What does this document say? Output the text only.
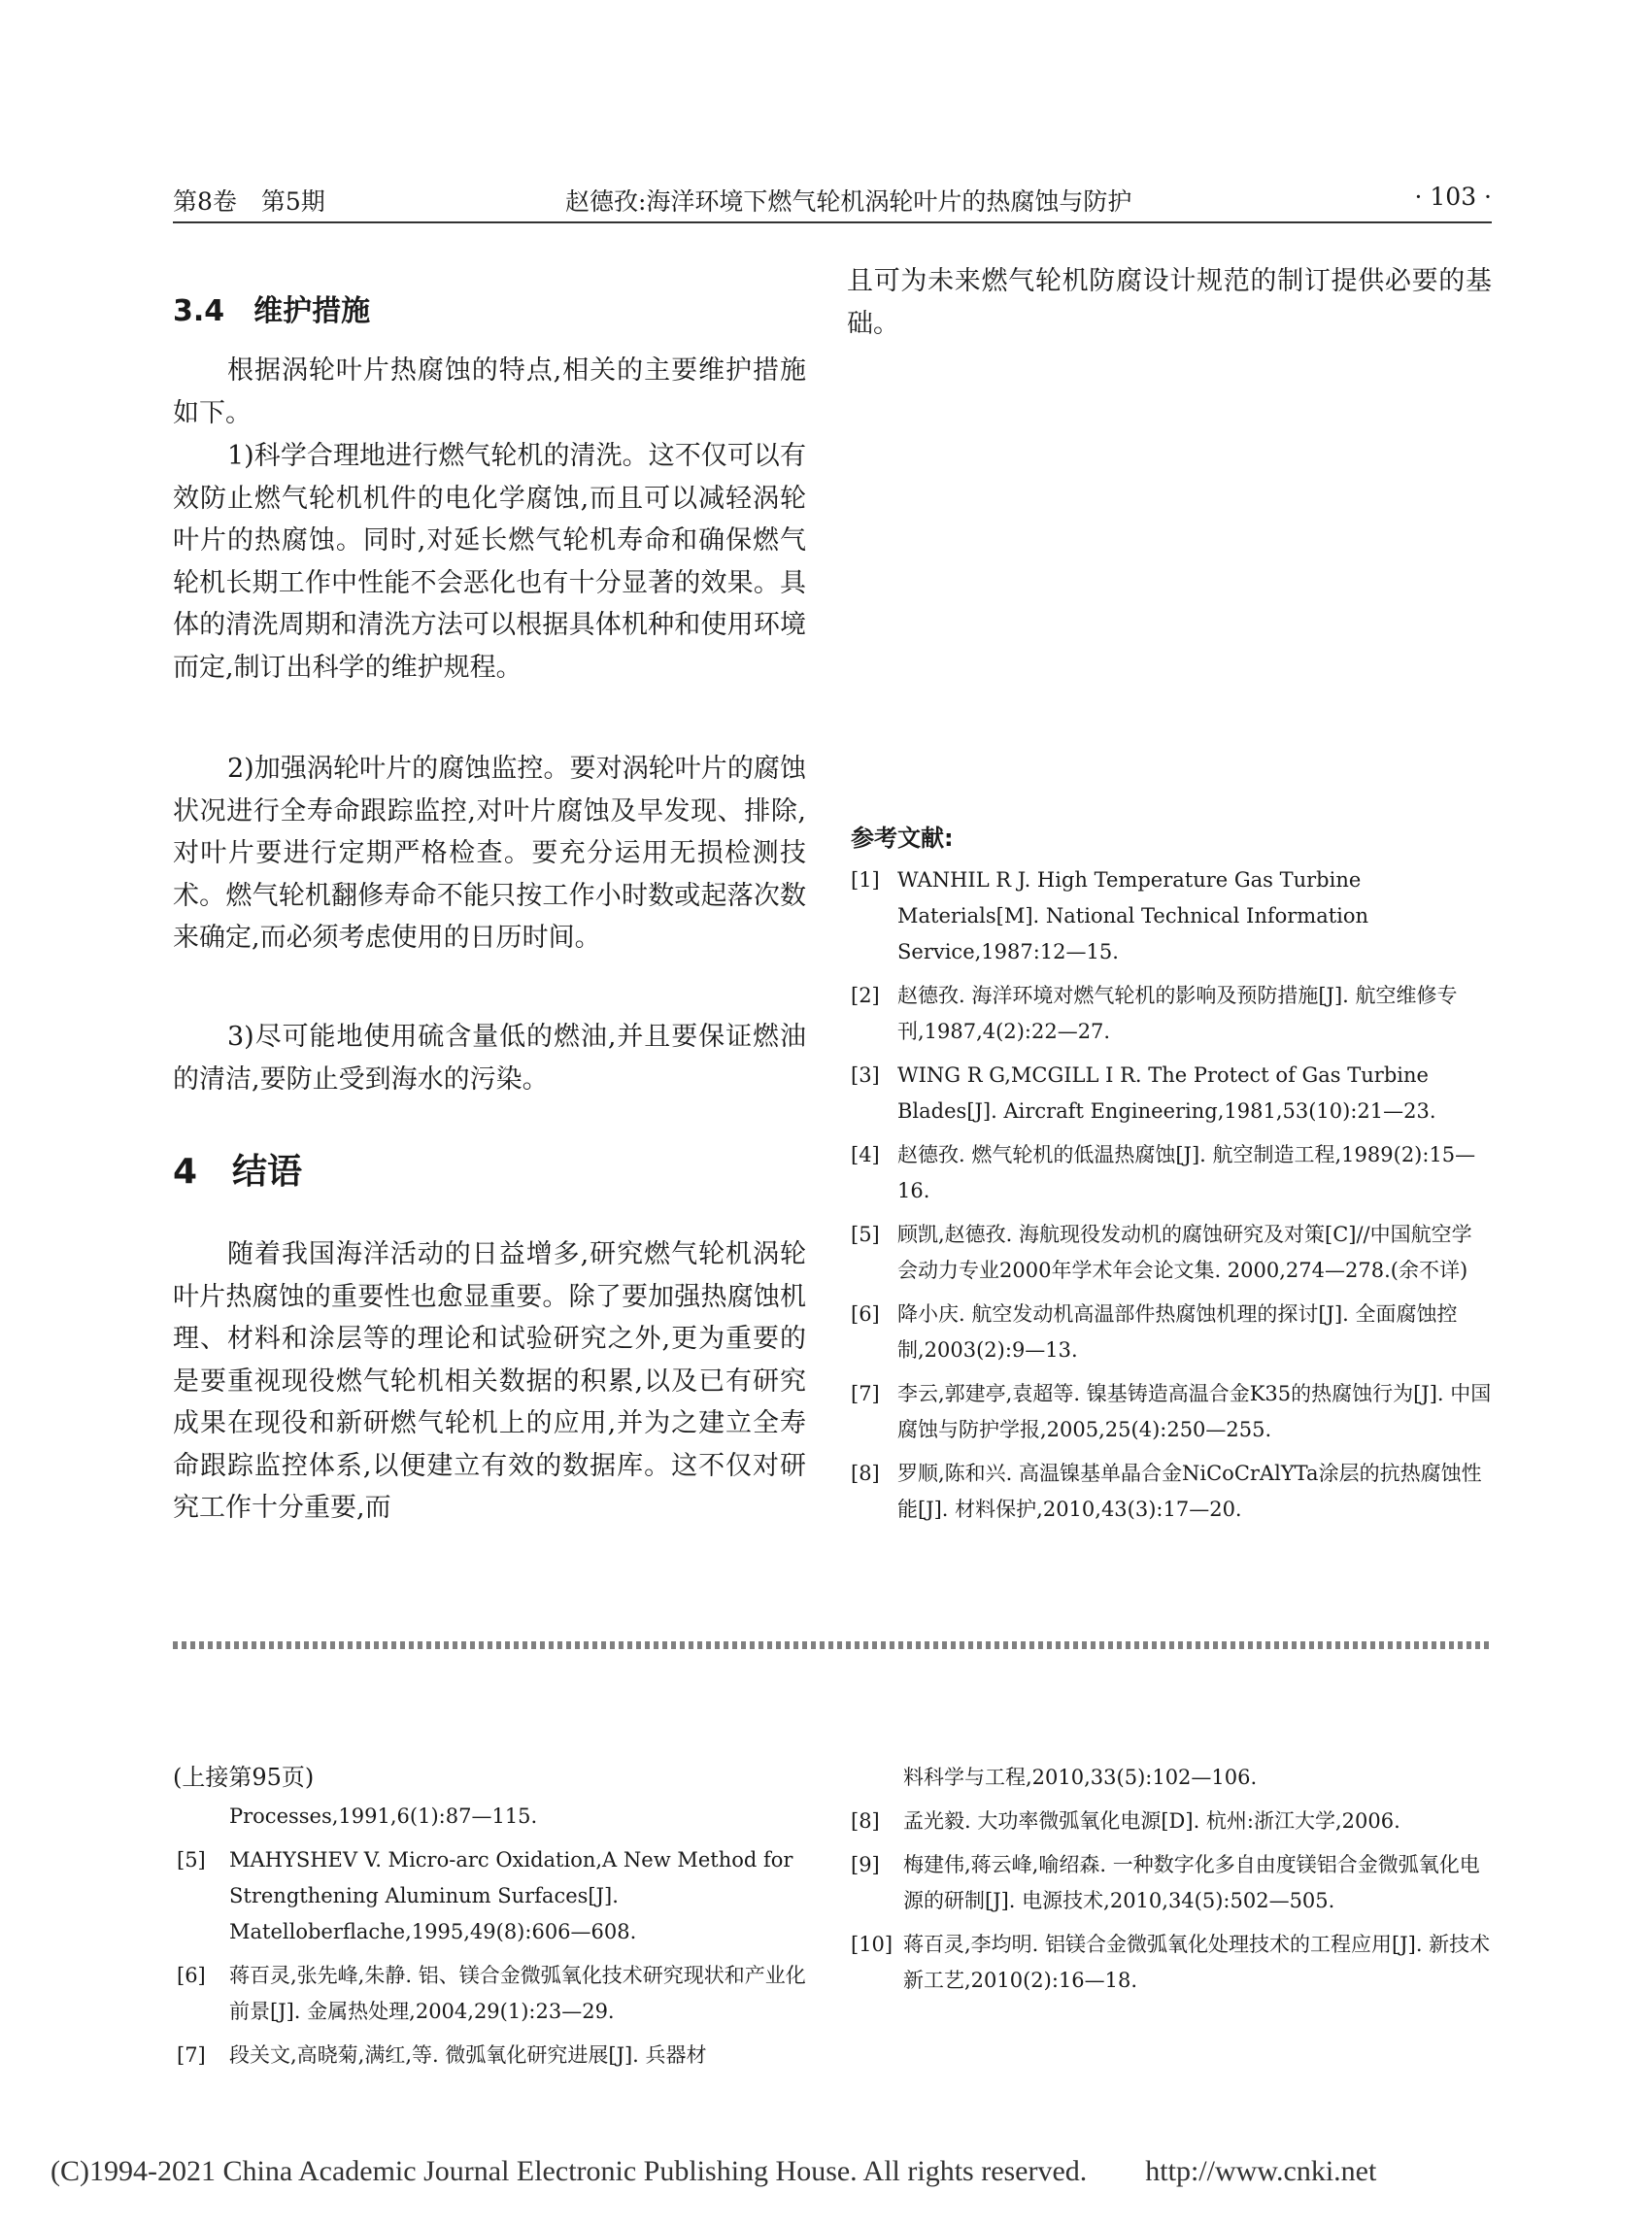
第8卷　第5期	赵德孜:海洋环境下燃气轮机涡轮叶片的热腐蚀与防护	· 103 ·
3.4　维护措施

根据涡轮叶片热腐蚀的特点,相关的主要维护措施如下。

1)科学合理地进行燃气轮机的清洗。这不仅可以有效防止燃气轮机机件的电化学腐蚀,而且可以减轻涡轮叶片的热腐蚀。同时,对延长燃气轮机寿命和确保燃气轮机长期工作中性能不会恶化也有十分显著的效果。具体的清洗周期和清洗方法可以根据具体机种和使用环境而定,制订出科学的维护规程。

2)加强涡轮叶片的腐蚀监控。要对涡轮叶片的腐蚀状况进行全寿命跟踪监控,对叶片腐蚀及早发现、排除,对叶片要进行定期严格检查。要充分运用无损检测技术。燃气轮机翻修寿命不能只按工作小时数或起落次数来确定,而必须考虑使用的日历时间。

3)尽可能地使用硫含量低的燃油,并且要保证燃油的清洁,要防止受到海水的污染。

4　结语

随着我国海洋活动的日益增多,研究燃气轮机涡轮叶片热腐蚀的重要性也愈显重要。除了要加强热腐蚀机理、材料和涂层等的理论和试验研究之外,更为重要的是要重视现役燃气轮机相关数据的积累,以及已有研究成果在现役和新研燃气轮机上的应用,并为之建立全寿命跟踪监控体系,以便建立有效的数据库。这不仅对研究工作十分重要,而

且可为未来燃气轮机防腐设计规范的制订提供必要的基础。

参考文献:
[1] WANHIL R J. High Temperature Gas Turbine Materials[M]. National Technical Information Service,1987:12—15.
[2] 赵德孜. 海洋环境对燃气轮机的影响及预防措施[J]. 航空维修专刊,1987,4(2):22—27.
[3] WING R G,MCGILL I R. The Protect of Gas Turbine Blades[J]. Aircraft Engineering,1981,53(10):21—23.
[4] 赵德孜. 燃气轮机的低温热腐蚀[J]. 航空制造工程,1989(2):15—16.
[5] 顾凯,赵德孜. 海航现役发动机的腐蚀研究及对策[C]//中国航空学会动力专业2000年学术年会论文集. 2000,274—278.(余不详)
[6] 降小庆. 航空发动机高温部件热腐蚀机理的探讨[J]. 全面腐蚀控制,2003(2):9—13.
[7] 李云,郭建亭,袁超等. 镍基铸造高温合金K35的热腐蚀行为[J]. 中国腐蚀与防护学报,2005,25(4):250—255.
[8] 罗顺,陈和兴. 高温镍基单晶合金NiCoCrAlYTa涂层的抗热腐蚀性能[J]. 材料保护,2010,43(3):17—20.
(上接第95页)
Processes,1991,6(1):87—115.
[5] MAHYSHEV V. Micro-arc Oxidation,A New Method for Strengthening Aluminum Surfaces[J]. Matelloberflache,1995,49(8):606—608.
[6] 蒋百灵,张先峰,朱静. 铝、镁合金微弧氧化技术研究现状和产业化前景[J]. 金属热处理,2004,29(1):23—29.
[7] 段关文,高晓菊,满红,等. 微弧氧化研究进展[J]. 兵器材
料科学与工程,2010,33(5):102—106.
[8] 孟光毅. 大功率微弧氧化电源[D]. 杭州:浙江大学,2006.
[9] 梅建伟,蒋云峰,喻绍森. 一种数字化多自由度镁铝合金微弧氧化电源的研制[J]. 电源技术,2010,34(5):502—505.
[10] 蒋百灵,李均明. 铝镁合金微弧氧化处理技术的工程应用[J]. 新技术新工艺,2010(2):16—18.
(C)1994-2021 China Academic Journal Electronic Publishing House. All rights reserved.　　http://www.cnki.net
